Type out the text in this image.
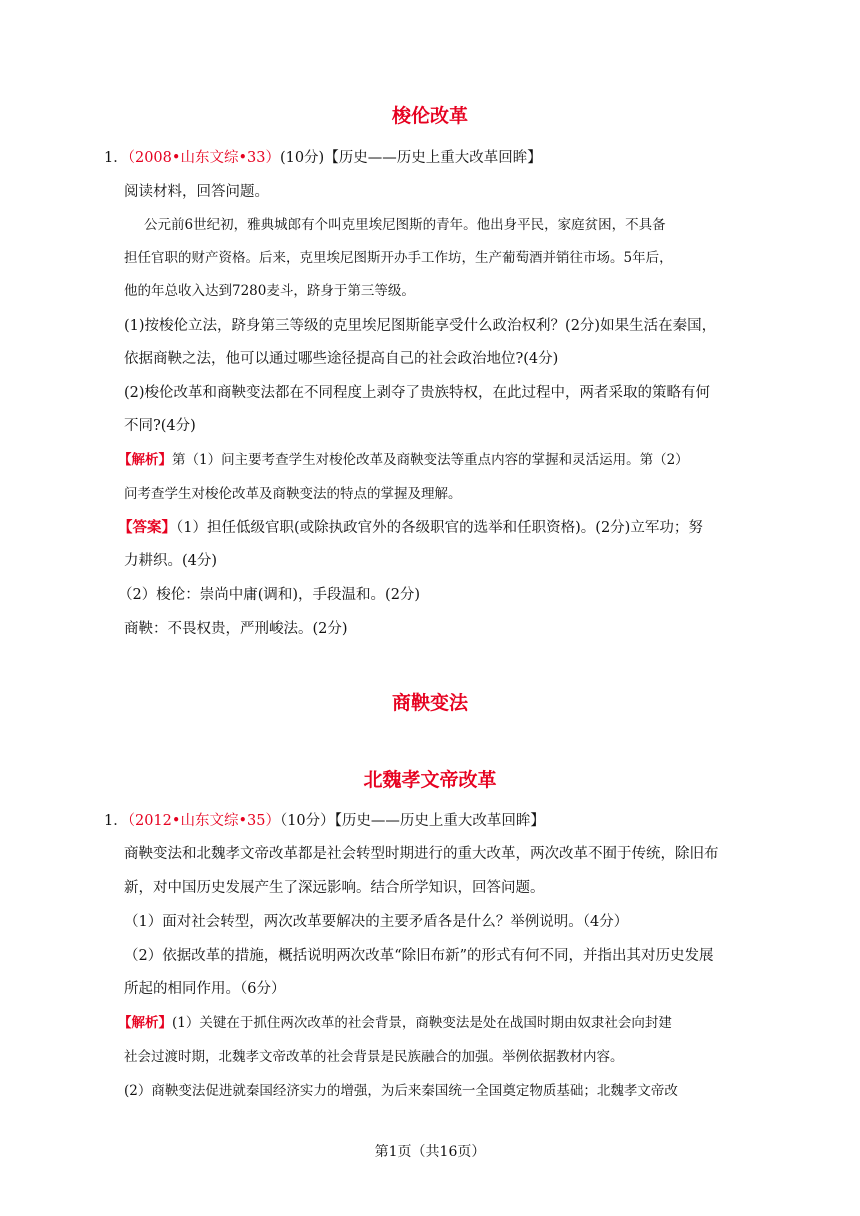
梭伦改革
1．（2008•山东文综•33）(10分)【历史——历史上重大改革回眸】
阅读材料，回答问题。
公元前6世纪初，雅典城郎有个叫克里埃尼图斯的青年。他出身平民，家庭贫困，不具备
担任官职的财产资格。后来，克里埃尼图斯开办手工作坊，生产葡萄酒并销往市场。5年后，
他的年总收入达到7280麦斗，跻身于第三等级。
(1)按梭伦立法，跻身第三等级的克里埃尼图斯能享受什么政治权利？(2分)如果生活在秦国，
依据商鞅之法，他可以通过哪些途径提高自己的社会政治地位?(4分)
(2)梭伦改革和商鞅变法都在不同程度上剥夺了贵族特权，在此过程中，两者采取的策略有何
不同?(4分)
【解析】第（1）问主要考查学生对梭伦改革及商鞅变法等重点内容的掌握和灵活运用。第（2）
问考查学生对梭伦改革及商鞅变法的特点的掌握及理解。
【答案】（1）担任低级官职(或除执政官外的各级职官的选举和任职资格)。(2分)立军功；努
力耕织。(4分)
（2）梭伦：崇尚中庸(调和)，手段温和。(2分)
商鞅：不畏权贵，严刑峻法。(2分)
商鞅变法
北魏孝文帝改革
1．（2012•山东文综•35）（10分）【历史——历史上重大改革回眸】
商鞅变法和北魏孝文帝改革都是社会转型时期进行的重大改革，两次改革不囿于传统，除旧布
新，对中国历史发展产生了深远影响。结合所学知识，回答问题。
（1）面对社会转型，两次改革要解决的主要矛盾各是什么？举例说明。（4分）
（2）依据改革的措施，概括说明两次改革“除旧布新”的形式有何不同，并指出其对历史发展
所起的相同作用。（6分）
【解析】(1）关键在于抓住两次改革的社会背景，商鞅变法是处在战国时期由奴隶社会向封建
社会过渡时期，北魏孝文帝改革的社会背景是民族融合的加强。举例依据教材内容。
(2）商鞅变法促进就秦国经济实力的增强，为后来秦国统一全国奠定物质基础；北魏孝文帝改
第1页（共16页）
